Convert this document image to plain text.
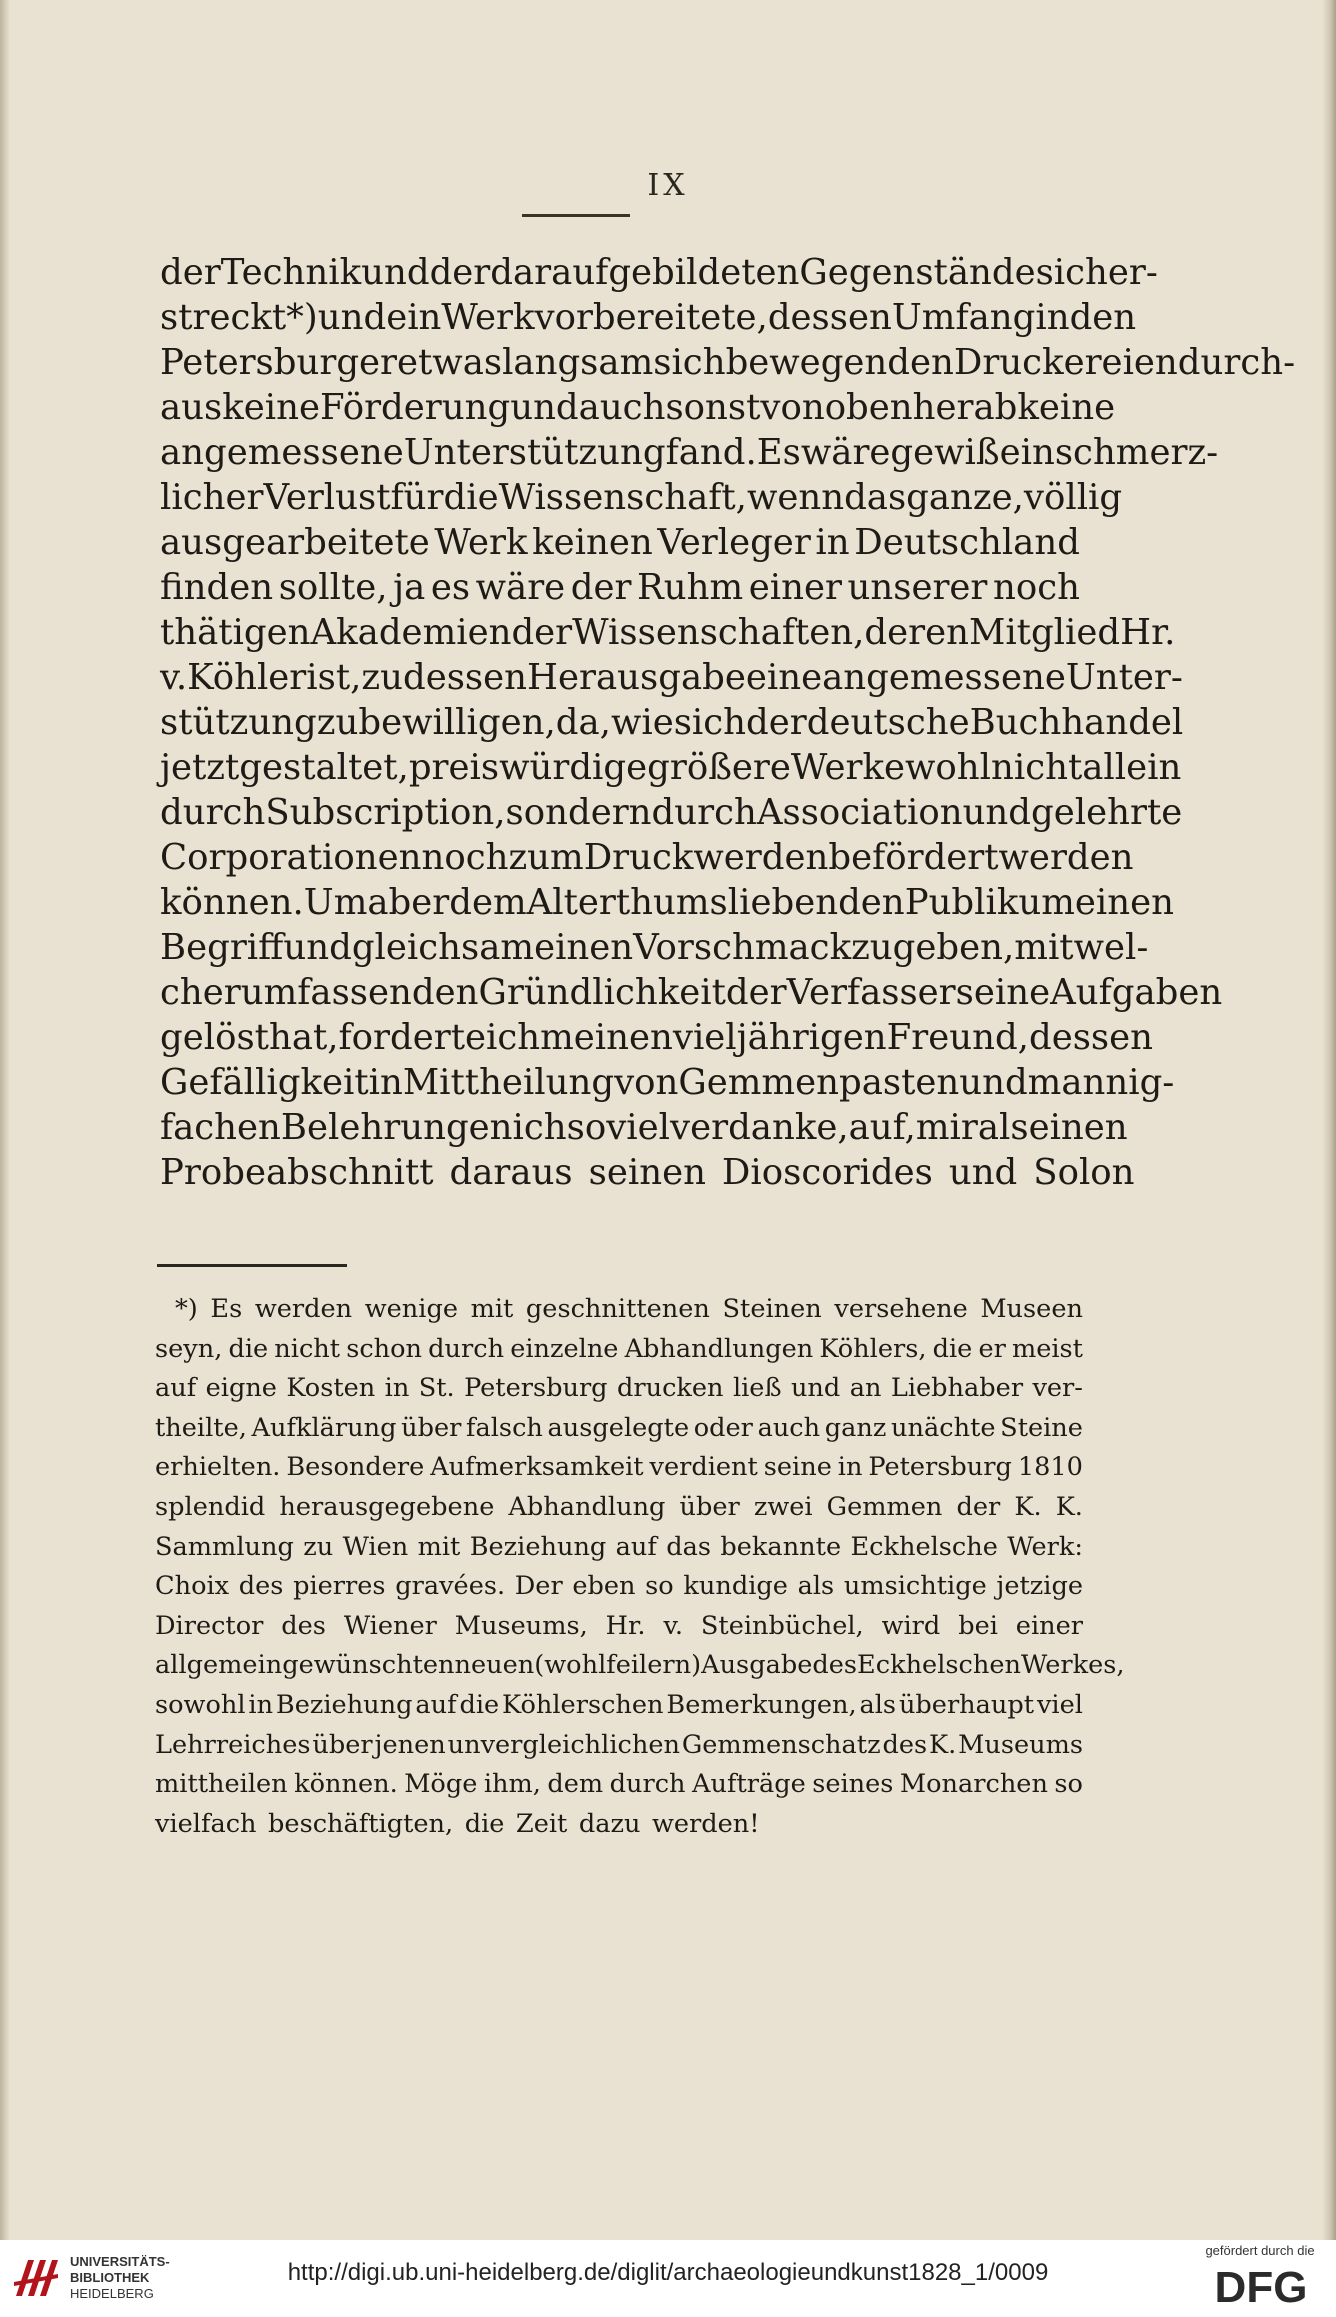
IX
der Technik und der darauf gebildeten Gegenstände sich er-
streckt *) und ein Werk vorbereitete, dessen Umfang in den
Petersburger etwas langsam sich bewegenden Druckereien durch-
aus keine Förderung und auch sonst von oben herab keine
angemessene Unterstützung fand. Es wäre gewiß ein schmerz-
licher Verlust für die Wissenschaft, wenn das ganze, völlig
ausgearbeitete Werk keinen Verleger in Deutschland
finden sollte, ja es wäre der Ruhm einer unserer noch
thätigen Akademien der Wissenschaften, deren Mitglied Hr.
v. Köhler ist, zu dessen Herausgabe eine angemessene Unter-
stützung zu bewilligen, da, wie sich der deutsche Buchhandel
jetzt gestaltet, preiswürdige größere Werke wohl nicht allein
durch Subscription, sondern durch Association und gelehrte
Corporationen noch zum Druck werden befördert werden
können. Um aber dem Alterthumsliebenden Publikum einen
Begriff und gleichsam einen Vorschmack zu geben, mit wel-
cher umfassenden Gründlichkeit der Verfasser seine Aufgaben
gelöst hat, forderte ich meinen vieljährigen Freund, dessen
Gefälligkeit in Mittheilung von Gemmenpasten und mannig-
fachen Belehrungen ich so viel verdanke, auf, mir als einen
Probeabschnitt daraus seinen Dioscorides und Solon
*) Es werden wenige mit geschnittenen Steinen versehene Museen
seyn, die nicht schon durch einzelne Abhandlungen Köhlers, die er meist
auf eigne Kosten in St. Petersburg drucken ließ und an Liebhaber ver-
theilte, Aufklärung über falsch ausgelegte oder auch ganz unächte Steine
erhielten. Besondere Aufmerksamkeit verdient seine in Petersburg 1810
splendid herausgegebene Abhandlung über zwei Gemmen der K. K.
Sammlung zu Wien mit Beziehung auf das bekannte Eckhelsche Werk:
Choix des pierres gravées. Der eben so kundige als umsichtige jetzige
Director des Wiener Museums, Hr. v. Steinbüchel, wird bei einer
allgemein gewünschten neuen (wohlfeilern) Ausgabe des Eckhelschen Werkes,
sowohl in Beziehung auf die Köhlerschen Bemerkungen, als überhaupt viel
Lehrreiches über jenen unvergleichlichen Gemmenschatz des K. Museums
mittheilen können. Möge ihm, dem durch Aufträge seines Monarchen so
vielfach beschäftigten, die Zeit dazu werden!
UNIVERSITÄTS-
BIBLIOTHEK
HEIDELBERG
http://digi.ub.uni-heidelberg.de/diglit/archaeologieundkunst1828_1/0009
gefördert durch die
DFG
